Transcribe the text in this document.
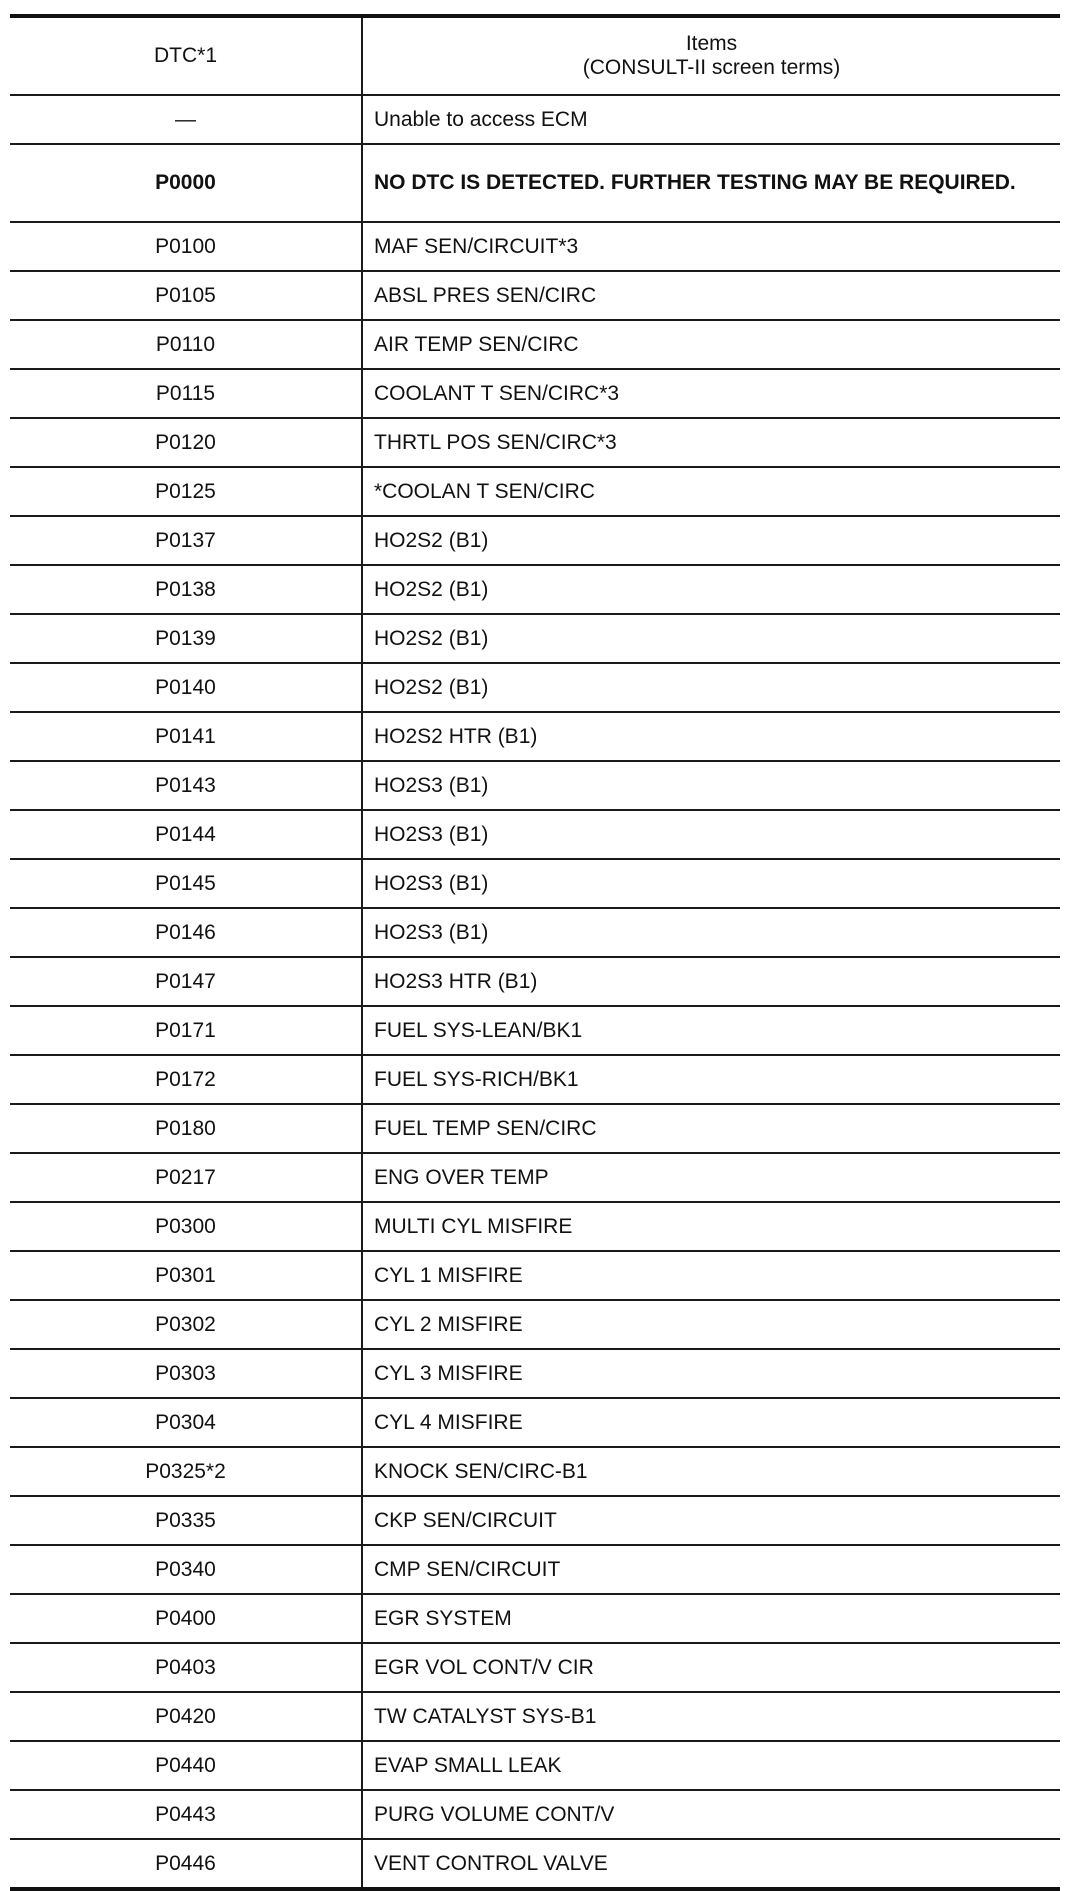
DTC*1	Items
(CONSULT-II screen terms)

—	Unable to access ECM
P0000	NO DTC IS DETECTED. FURTHER TESTING MAY BE REQUIRED.
P0100	MAF SEN/CIRCUIT*3
P0105	ABSL PRES SEN/CIRC
P0110	AIR TEMP SEN/CIRC
P0115	COOLANT T SEN/CIRC*3
P0120	THRTL POS SEN/CIRC*3
P0125	*COOLAN T SEN/CIRC
P0137	HO2S2 (B1)
P0138	HO2S2 (B1)
P0139	HO2S2 (B1)
P0140	HO2S2 (B1)
P0141	HO2S2 HTR (B1)
P0143	HO2S3 (B1)
P0144	HO2S3 (B1)
P0145	HO2S3 (B1)
P0146	HO2S3 (B1)
P0147	HO2S3 HTR (B1)
P0171	FUEL SYS-LEAN/BK1
P0172	FUEL SYS-RICH/BK1
P0180	FUEL TEMP SEN/CIRC
P0217	ENG OVER TEMP
P0300	MULTI CYL MISFIRE
P0301	CYL 1 MISFIRE
P0302	CYL 2 MISFIRE
P0303	CYL 3 MISFIRE
P0304	CYL 4 MISFIRE
P0325*2	KNOCK SEN/CIRC-B1
P0335	CKP SEN/CIRCUIT
P0340	CMP SEN/CIRCUIT
P0400	EGR SYSTEM
P0403	EGR VOL CONT/V CIR
P0420	TW CATALYST SYS-B1
P0440	EVAP SMALL LEAK
P0443	PURG VOLUME CONT/V
P0446	VENT CONTROL VALVE
